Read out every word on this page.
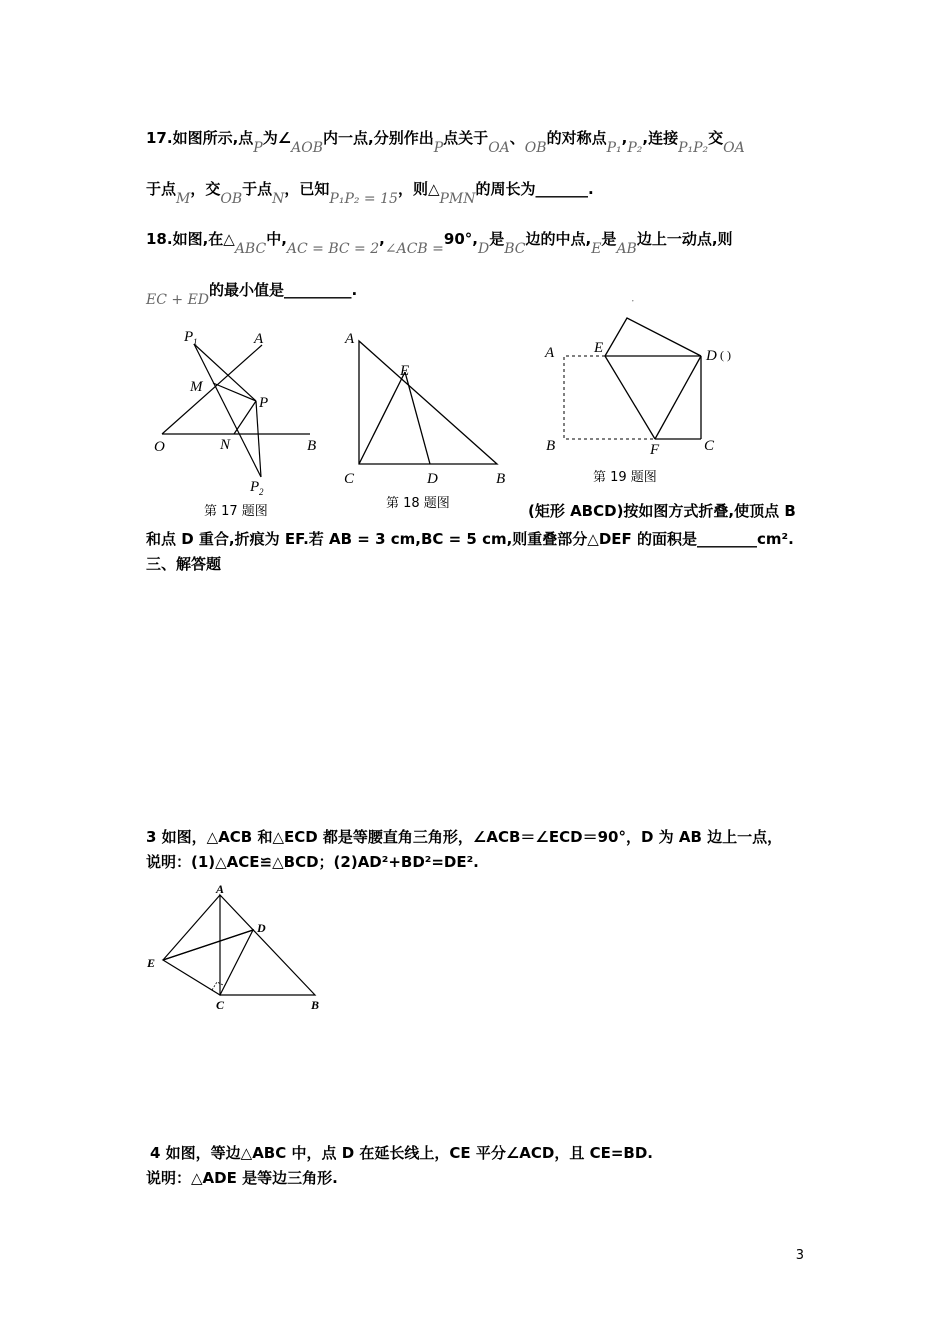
17.如图所示,点P为∠AOB内一点,分别作出P点关于OA、OB的对称点P₁,P₂,连接P₁P₂交OA
于点M，交OB于点N，已知P₁P₂ = 15，则△PMN的周长为_______.
18.如图,在△ABC中,AC = BC = 2,∠ACB =90°,D是BC边的中点,E是AB边上一动点,则
EC + ED的最小值是_________.
P 1	A
M
P
O	N	B
P 2
第 17 题图
A
E
C	D	B
第 18 题图
'
A	E	D ( )
B	F	C
第 19 题图
(矩形 ABCD)按如图方式折叠,使顶点 B
和点 D 重合,折痕为 EF.若 AB = 3 cm,BC = 5 cm,则重叠部分△DEF 的面积是________cm².
三、解答题
3 如图，△ACB 和△ECD 都是等腰直角三角形，∠ACB＝∠ECD＝90°，D 为 AB 边上一点，
说明：(1)△ACE≌△BCD；(2)AD²+BD²=DE².
A
D
E
C	B
4 如图，等边△ABC 中，点 D 在延长线上，CE 平分∠ACD，且 CE=BD.
说明：△ADE 是等边三角形.
3
